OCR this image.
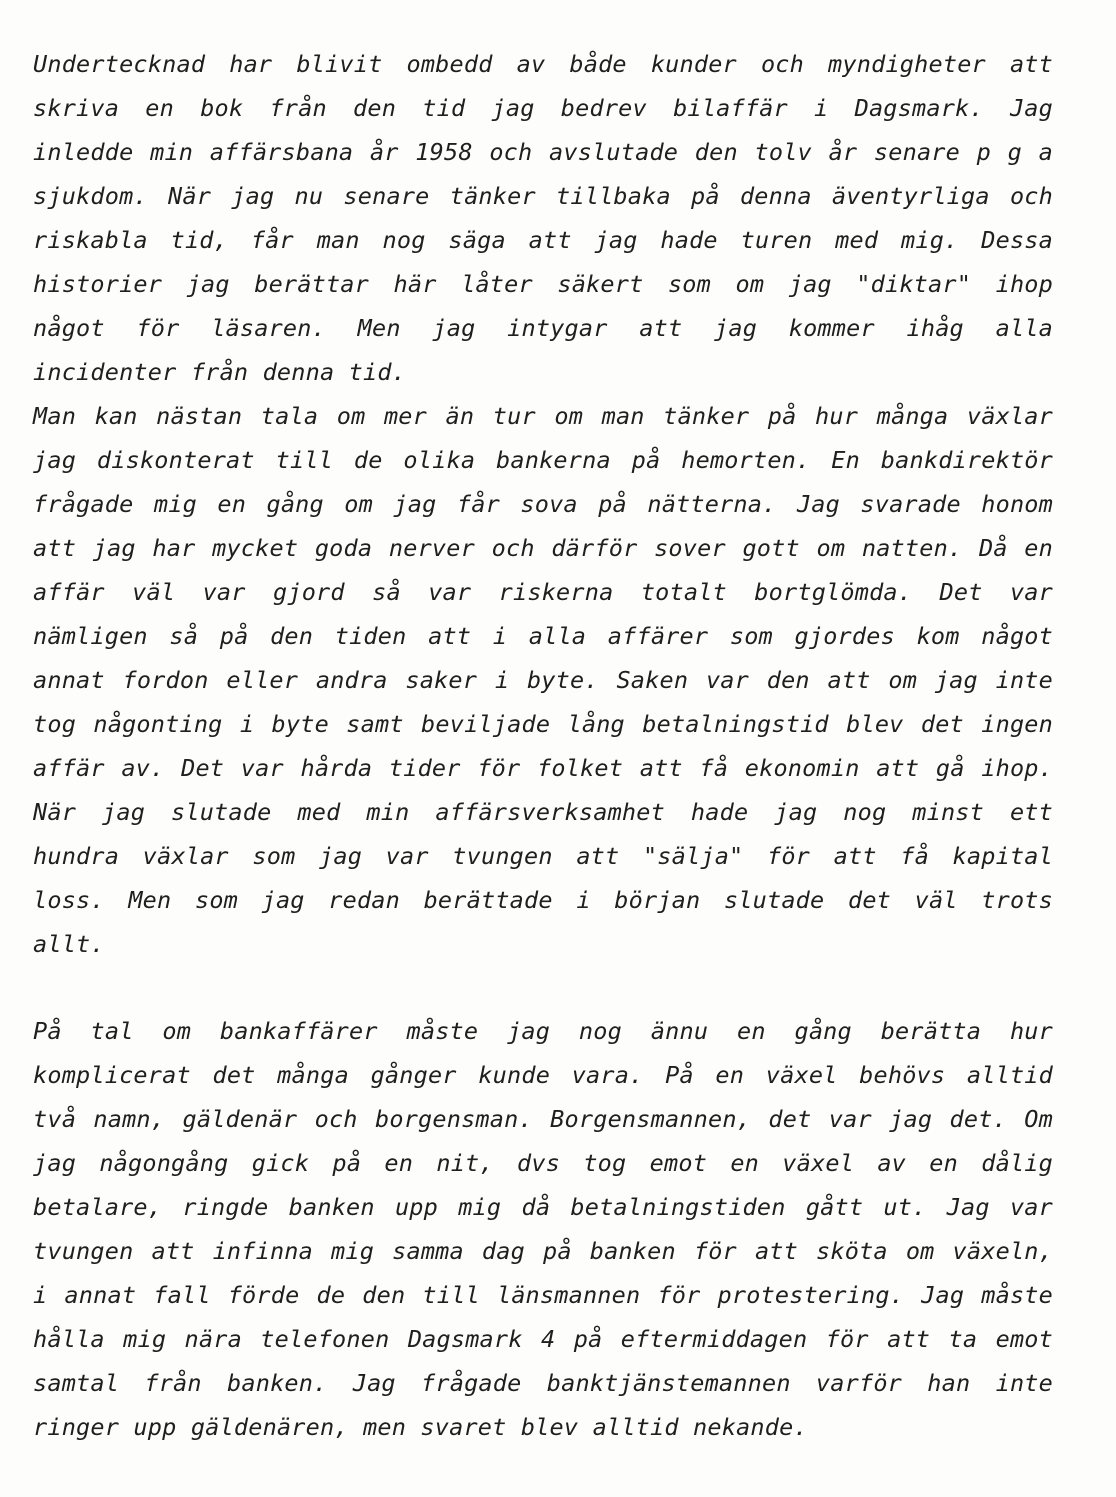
Undertecknad har blivit ombedd av både kunder och myndigheter att
skriva en bok från den tid jag bedrev bilaffär i Dagsmark. Jag
inledde min affärsbana år 1958 och avslutade den tolv år senare p g a
sjukdom. När jag nu senare tänker tillbaka på denna äventyrliga och
riskabla tid, får man nog säga att jag hade turen med mig. Dessa
historier jag berättar här låter säkert som om jag "diktar" ihop
något för läsaren. Men jag intygar att jag kommer ihåg alla
incidenter från denna tid.
Man kan nästan tala om mer än tur om man tänker på hur många växlar
jag diskonterat till de olika bankerna på hemorten. En bankdirektör
frågade mig en gång om jag får sova på nätterna. Jag svarade honom
att jag har mycket goda nerver och därför sover gott om natten. Då en
affär väl var gjord så var riskerna totalt bortglömda. Det var
nämligen så på den tiden att i alla affärer som gjordes kom något
annat fordon eller andra saker i byte. Saken var den att om jag inte
tog någonting i byte samt beviljade lång betalningstid blev det ingen
affär av. Det var hårda tider för folket att få ekonomin att gå ihop.
När jag slutade med min affärsverksamhet hade jag nog minst ett
hundra växlar som jag var tvungen att "sälja" för att få kapital
loss. Men som jag redan berättade i början slutade det väl trots
allt.
På tal om bankaffärer måste jag nog ännu en gång berätta hur
komplicerat det många gånger kunde vara. På en växel behövs alltid
två namn, gäldenär och borgensman. Borgensmannen, det var jag det. Om
jag någongång gick på en nit, dvs tog emot en växel av en dålig
betalare, ringde banken upp mig då betalningstiden gått ut. Jag var
tvungen att infinna mig samma dag på banken för att sköta om växeln,
i annat fall förde de den till länsmannen för protestering. Jag måste
hålla mig nära telefonen Dagsmark 4 på eftermiddagen för att ta emot
samtal från banken. Jag frågade banktjänstemannen varför han inte
ringer upp gäldenären, men svaret blev alltid nekande.
